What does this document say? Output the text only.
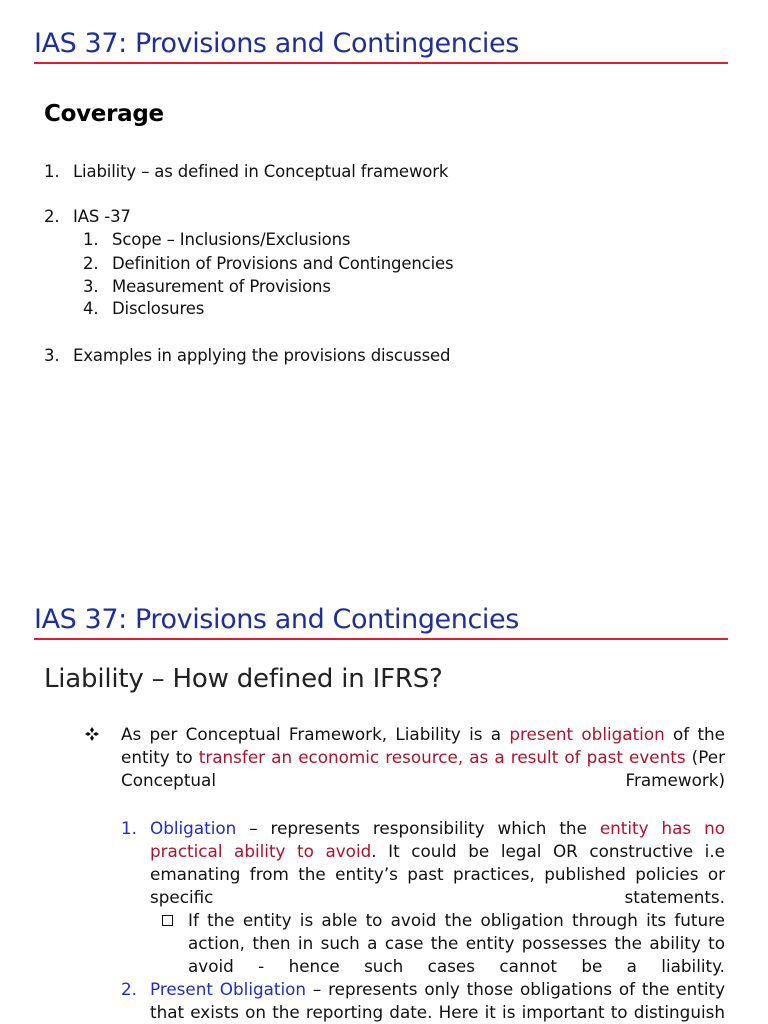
IAS 37: Provisions and Contingencies
Coverage
1. Liability – as defined in Conceptual framework
2. IAS -37
1. Scope – Inclusions/Exclusions
2. Definition of Provisions and Contingencies
3. Measurement of Provisions
4. Disclosures
3. Examples in applying the provisions discussed
IAS 37: Provisions and Contingencies
Liability – How defined in IFRS?
As per Conceptual Framework, Liability is a present obligation of the
entity to transfer an economic resource, as a result of past events (Per
Conceptual Framework)
1. Obligation – represents responsibility which the entity has no
practical ability to avoid. It could be legal OR constructive i.e
emanating from the entity’s past practices, published policies or
specific statements.
If the entity is able to avoid the obligation through its future
action, then in such a case the entity possesses the ability to
avoid - hence such cases cannot be a liability.
2. Present Obligation – represents only those obligations of the entity
that exists on the reporting date. Here it is important to distinguish
